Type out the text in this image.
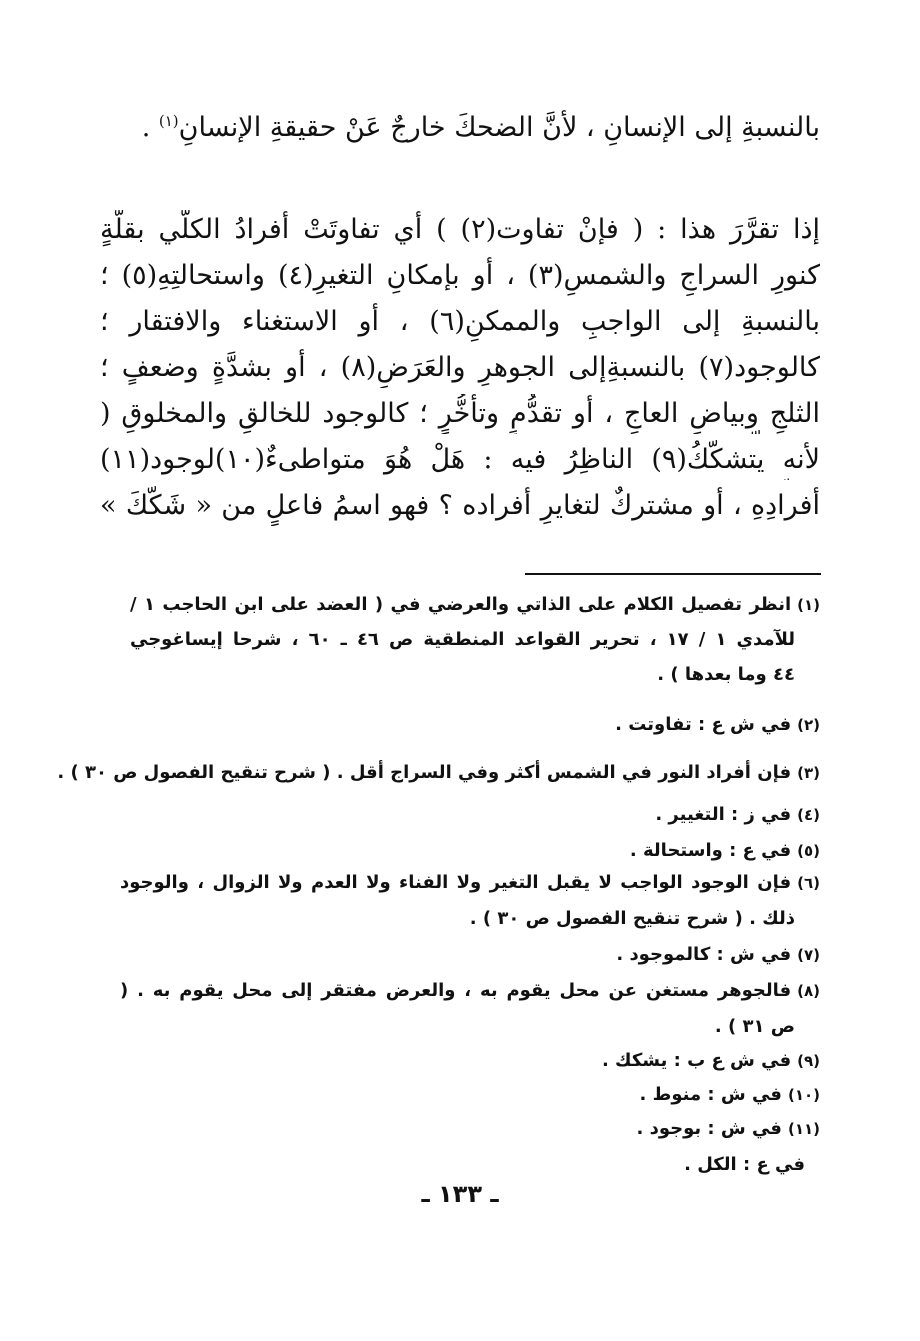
بالنسبةِ إلى الإنسانِ ، لأنَّ الضحكَ خارجٌ عَنْ حقيقةِ الإنسانِ$^{(١)}$ .
إذا تقرَّرَ هذا : ( فإنْ تفاوت(٢) ) أي تفاوتَتْ أفرادُ الكلّي بقلَّةٍ
كنورِ السراجِ والشمسِ(٣) ، أو بإمكانِ التغيرِ(٤) واستحالتِهِ(٥) ؛
بالنسبةِ إلى الواجبِ والممكنِ(٦) ، أو الاستغناء والافتقار ؛
كالوجود(٧) بالنسبةِإلى الجوهرِ والعَرَضِ(٨) ، أو بشدَّةٍ وضعفٍ ؛
الثلجِ وبياضِ العاجِ ، أو تقدُّمٍ وتأخُّرٍ ؛ كالوجود للخالقِ والمخلوقِ (
لأنه يتشكَّكُ(٩) الناظِرُ فيه : هَلْ هُوَ متواطىءٌ(١٠)لوجود(١١)
أفرادِهِ ، أو مشتركٌ لتغايرِ أفراده ؟ فهو اسمُ فاعلٍ من « شَكَّكَ »
(١)انظر تفصيل الكلام على الذاتي والعرضي في ( العضد على ابن الحاجب ١ /
للآمدي ١ / ١٧ ، تحرير القواعد المنطقية ص ٤٦ ـ ٦٠ ، شرحا إيساغوجي
٤٤ وما بعدها ) .
(٢)في ش ع : تفاوتت .
(٣)فإن أفراد النور في الشمس أكثر وفي السراج أقل . ( شرح تنقيح الفصول ص ٣٠ ) .
(٤)في ز : التغيير .
(٥)في ع : واستحالة .
(٦)فإن الوجود الواجب لا يقبل التغير ولا الفناء ولا العدم ولا الزوال ، والوجود
ذلك . ( شرح تنقيح الفصول ص ٣٠ ) .
(٧)في ش : كالموجود .
(٨)فالجوهر مستغن عن محل يقوم به ، والعرض مفتقر إلى محل يقوم به . (
ص ٣١ ) .
(٩)في ش ع ب : يشكك .
(١٠)في ش : منوط .
(١١)في ش : بوجود .
في ع : الكل .
ـ ١٣٣ ـ
